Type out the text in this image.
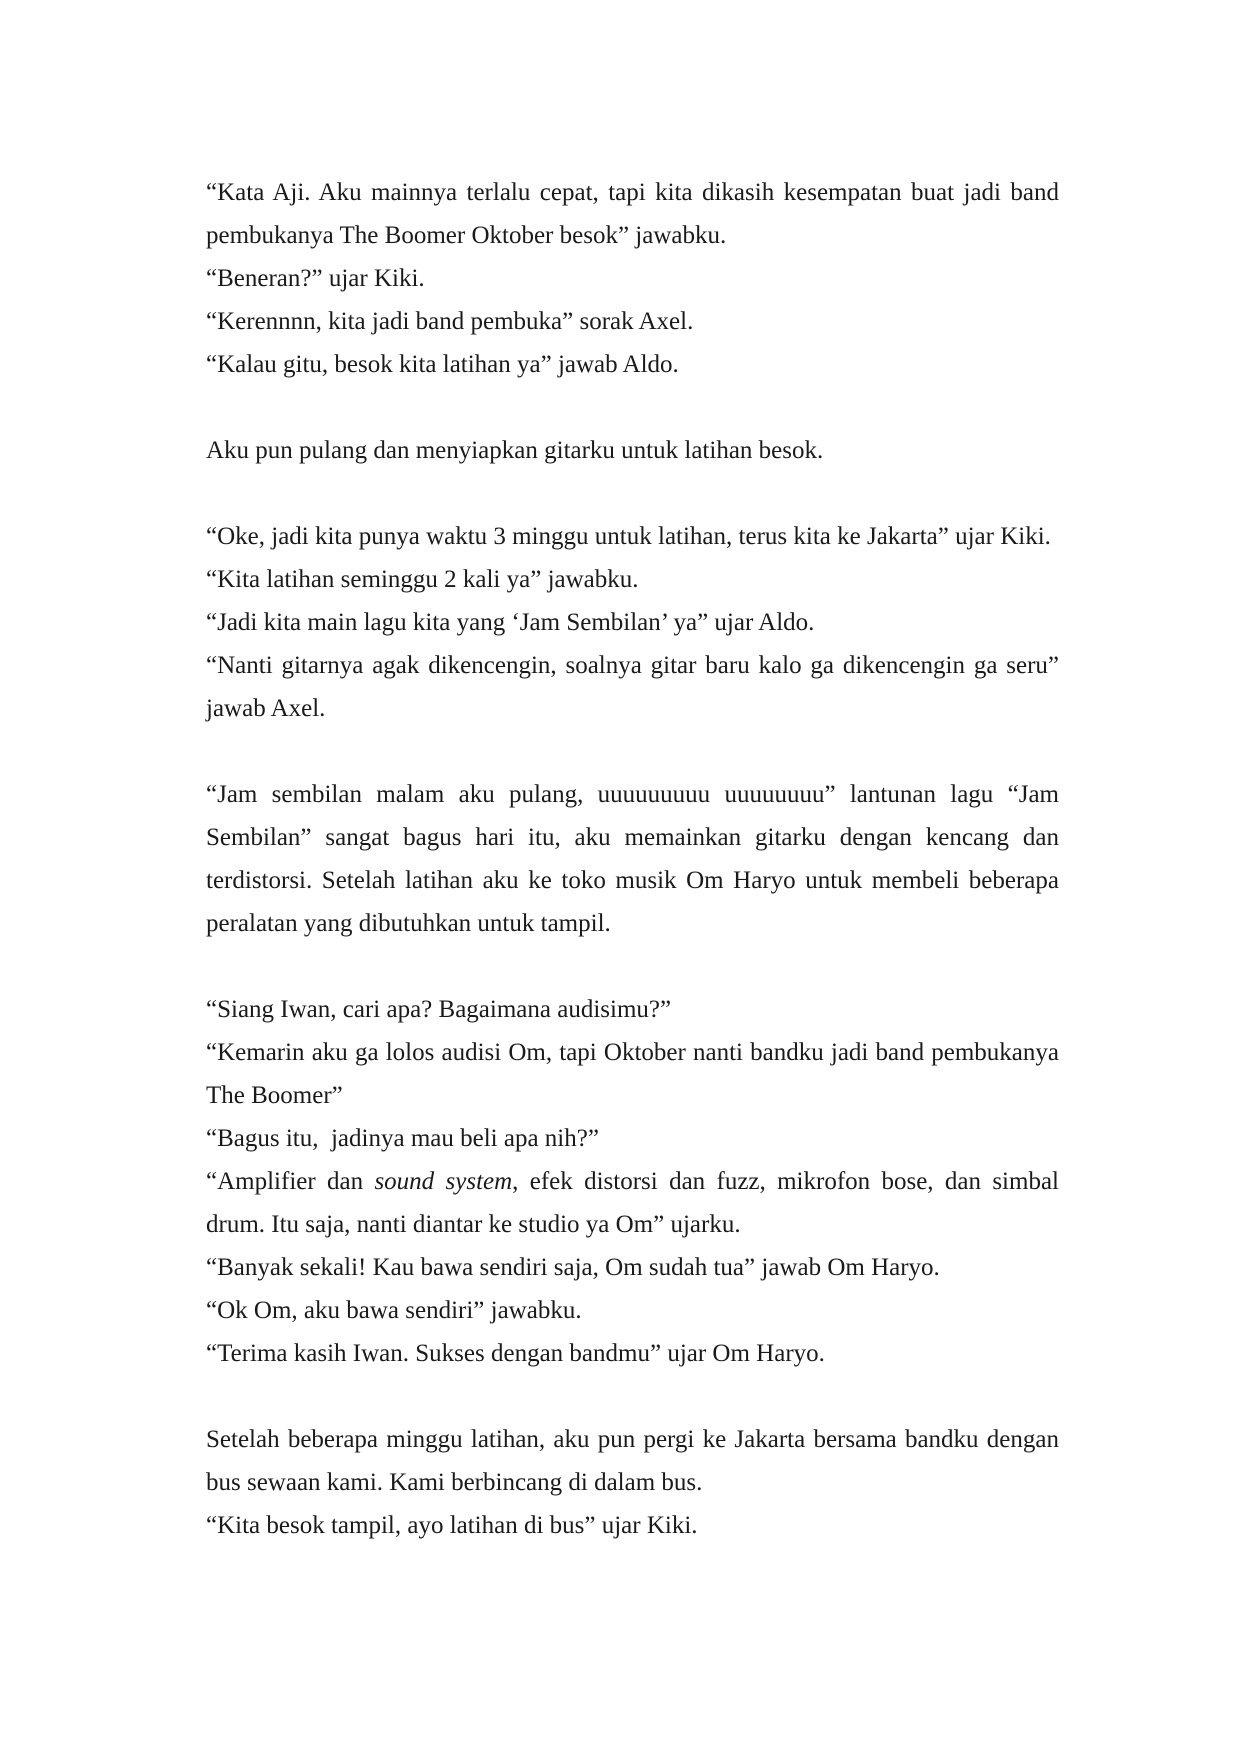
“Kata Aji. Aku mainnya terlalu cepat, tapi kita dikasih kesempatan buat jadi band
pembukanya The Boomer Oktober besok” jawabku.
“Beneran?” ujar Kiki.
“Kerennnn, kita jadi band pembuka” sorak Axel.
“Kalau gitu, besok kita latihan ya” jawab Aldo.
Aku pun pulang dan menyiapkan gitarku untuk latihan besok.
“Oke, jadi kita punya waktu 3 minggu untuk latihan, terus kita ke Jakarta” ujar Kiki.
“Kita latihan seminggu 2 kali ya” jawabku.
“Jadi kita main lagu kita yang ‘Jam Sembilan’ ya” ujar Aldo.
“Nanti gitarnya agak dikencengin, soalnya gitar baru kalo ga dikencengin ga seru”
jawab Axel.
“Jam sembilan malam aku pulang, uuuuuuuuu uuuuuuuu” lantunan lagu “Jam
Sembilan” sangat bagus hari itu, aku memainkan gitarku dengan kencang dan
terdistorsi. Setelah latihan aku ke toko musik Om Haryo untuk membeli beberapa
peralatan yang dibutuhkan untuk tampil.
“Siang Iwan, cari apa? Bagaimana audisimu?”
“Kemarin aku ga lolos audisi Om, tapi Oktober nanti bandku jadi band pembukanya
The Boomer”
“Bagus itu,  jadinya mau beli apa nih?”
“Amplifier dan sound system, efek distorsi dan fuzz, mikrofon bose, dan simbal
drum. Itu saja, nanti diantar ke studio ya Om” ujarku.
“Banyak sekali! Kau bawa sendiri saja, Om sudah tua” jawab Om Haryo.
“Ok Om, aku bawa sendiri” jawabku.
“Terima kasih Iwan. Sukses dengan bandmu” ujar Om Haryo.
Setelah beberapa minggu latihan, aku pun pergi ke Jakarta bersama bandku dengan
bus sewaan kami. Kami berbincang di dalam bus.
“Kita besok tampil, ayo latihan di bus” ujar Kiki.
